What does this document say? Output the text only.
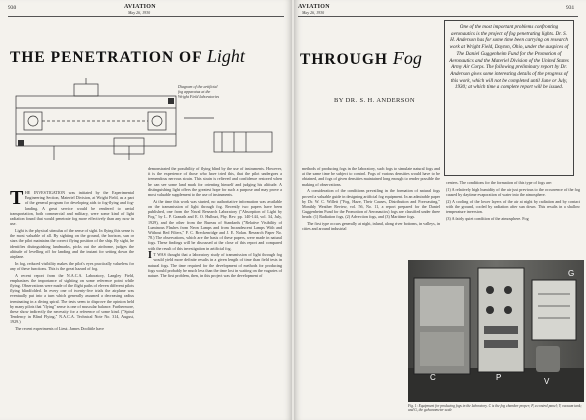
930	AVIATION
May 26, 1930
THE PENETRATION OF Light
Diagram of the artificial
fog apparatus at the
Wright Field laboratories

THE INVESTIGATION was initiated by the Experimental Engineering Section, Materiel Division, at Wright Field, as a part of the general program for developing aids to fog-flying and fog-landing. A great service would be rendered to aerial transportation, both commercial and military, were some kind of light radiation found that would penetrate fog more effectively than any now in use.

Light is the physical stimulus of the sense of sight. In flying this sense is the most valuable of all. By sighting on the ground, the horizon, sun or stars the pilot maintains the correct flying position of the ship. By sight, he identifies distinguishing landmarks, picks out the airdrome, judges the altitude of levelling off for landing and the instant for setting down the airplane.

In fog, reduced visibility makes the pilot's eyes practically valueless for any of these functions. This is the great hazard of fog.

A recent report from the N.A.C.A. Laboratory, Langley Field, emphasizes the importance of sighting on some reference point while flying. Observations were made of the flight paths of eleven different pilots flying blindfolded. In every one of twenty-five trials the airplane was eventually put into a turn which generally assumed a decreasing radius terminating in a diving spiral. The tests seem to disprove the opinion held by many pilots that "flying" sense is one of muscular balance. Furthermore, these show indirectly the necessity for a reference of some kind. ("Spiral Tendency in Blind Flying," N.A.C.A. Technical Note No. 314, August, 1929.)

The recent experiments of Lieut. James Doolittle have

demonstrated the possibility of flying blind by the use of instruments. However, it is the experience of those who have tried this, that the pilot undergoes a tremendous nervous strain. This strain is relieved and confidence restored when he can see some land mark for orienting himself and judging his altitude. A distinguishing light offers the greatest hope for such a purpose and may prove a most valuable supplement to the use of instruments.

At the time this work was started, no authoritative information was available on the transmission of light through fog. Recently two papers have been published, one from the Naval Research Laboratory ("Absorption of Light by Fog," by L. P. Granath and E. O. Hulburt, Phy. Rev. pp. 140-144, vol. 34, July, 1929), and the other from the Bureau of Standards ("Relative Visibility of Luminous Flashes from Neon Lamps and from Incandescent Lamps With and Without Red Filters," F. C. Breckenridge and J. E. Nolan. Research Paper No. 78.) The observations, which are the basis of these papers, were made in natural fogs. These findings will be discussed at the close of this report and compared with the result of this investigation in artificial fog.

I T WAS thought that a laboratory study of transmission of light through fog would yield more definite results in a given length of time than field tests in natural fogs. The time required for the development of methods for producing fogs would probably be much less than the time lost in waiting on the vagaries of nature. The first problem, then, in this project was the development of

AVIATION
May 26, 1930
931
THROUGH Fog
BY DR. S. H. ANDERSON

One of the most important problems confronting aeronautics is the project of fog penetrating lights. Dr. S. H. Anderson has for some time been carrying on research work at Wright Field, Dayton, Ohio, under the auspices of The Daniel Guggenheim Fund for the Promotion of Aeronautics and the Materiel Division of the United States Army Air Corps. The following preliminary report by Dr. Anderson gives some interesting details of the progress of this work, which will not be completed until June or July, 1930; at which time a complete report will be issued.

methods of producing fogs in the laboratory, such fogs to simulate natural fogs and at the same time be subject to control. Fogs of various densities would have to be obtained, and fogs of given densities maintained long enough to render possible the making of observations.

A consideration of the conditions prevailing in the formation of natural fogs proved a valuable guide in designing artificial fog equipment. In an admirable paper by Dr. W. C. Willett ("Fog, Haze, Their Causes, Distribution and Forecasting," Monthly Weather Review, vol. 56, No. 11, a report prepared for the Daniel Guggenheim Fund for the Promotion of Aeronautics) fogs are classified under three heads: (1) Radiation fogs, (2) Advection fogs, and (3) Maritime fogs.

The first type occurs generally at night, inland, along river bottoms, in valleys, in cities and around industrial

centers. The conditions for the formation of this type of fogs are:

(1) A relatively high humidity of the air just previous to the occurrence of the fog caused by daytime evaporation of water into the atmosphere.

(2) A cooling of the lower layers of the air at night by radiation and by contact with the ground, cooled by radiation after sun down. This results in a shallow temperature inversion.

(3) A fairly quiet condition of the atmosphere. Fog

C	P	V
G
Fig. 1: Equipment for producing fogs in the laboratory. C is the fog chamber proper; P, a control panel; V, vacuum tank; and G, the galvanometer scale
